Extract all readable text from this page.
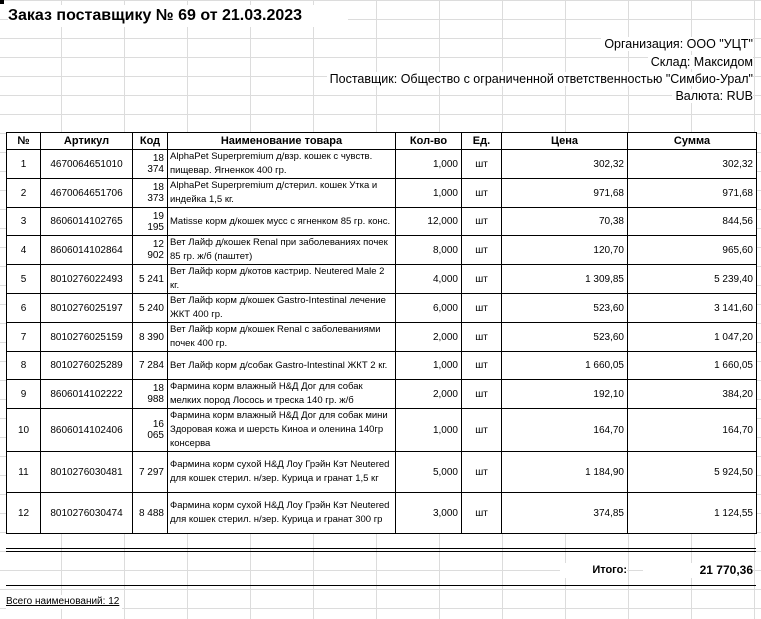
Заказ поставщику № 69 от 21.03.2023
Организация: ООО "УЦТ"
Склад: Максидом
Поставщик: Общество с ограниченной ответственностью "Симбио-Урал"
Валюта: RUB
№	Артикул	Код	Наименование товара	Кол-во	Ед.	Цена	Сумма
1	4670064651010	18 374	AlphaPet Superpremium д/взр. кошек с чувств. пищевар. Ягненкок 400 гр.	1,000	шт	302,32	302,32
2	4670064651706	18 373	AlphaPet Superpremium д/стерил. кошек Утка и индейка 1,5 кг.	1,000	шт	971,68	971,68
3	8606014102765	19 195	Matisse корм д/кошек мусс с ягненком 85 гр. конс.	12,000	шт	70,38	844,56
4	8606014102864	12 902	Вет Лайф д/кошек Renal при заболеваниях почек 85 гр. ж/б (паштет)	8,000	шт	120,70	965,60
5	8010276022493	5 241	Вет Лайф корм д/котов кастрир. Neutered Male 2 кг.	4,000	шт	1 309,85	5 239,40
6	8010276025197	5 240	Вет Лайф корм д/кошек Gastro-Intestinal лечение ЖКТ 400 гр.	6,000	шт	523,60	3 141,60
7	8010276025159	8 390	Вет Лайф корм д/кошек Renal с заболеваниями почек 400 гр.	2,000	шт	523,60	1 047,20
8	8010276025289	7 284	Вет Лайф корм д/собак Gastro-Intestinal ЖКТ 2 кг.	1,000	шт	1 660,05	1 660,05
9	8606014102222	18 988	Фармина корм влажный Н&Д Дог для собак мелких пород Лосось и треска 140 гр. ж/б	2,000	шт	192,10	384,20
10	8606014102406	16 065	Фармина корм влажный Н&Д Дог для собак мини Здоровая кожа и шерсть Киноа и оленина 140гр консерва	1,000	шт	164,70	164,70
11	8010276030481	7 297	Фармина корм сухой Н&Д Лоу Грэйн Кэт Neutered для кошек стерил. н/зер. Курица и гранат 1,5 кг	5,000	шт	1 184,90	5 924,50
12	8010276030474	8 488	Фармина корм сухой Н&Д Лоу Грэйн Кэт Neutered для кошек стерил. н/зер. Курица и гранат 300 гр	3,000	шт	374,85	1 124,55
Итого:	21 770,36
Всего наименований: 12
